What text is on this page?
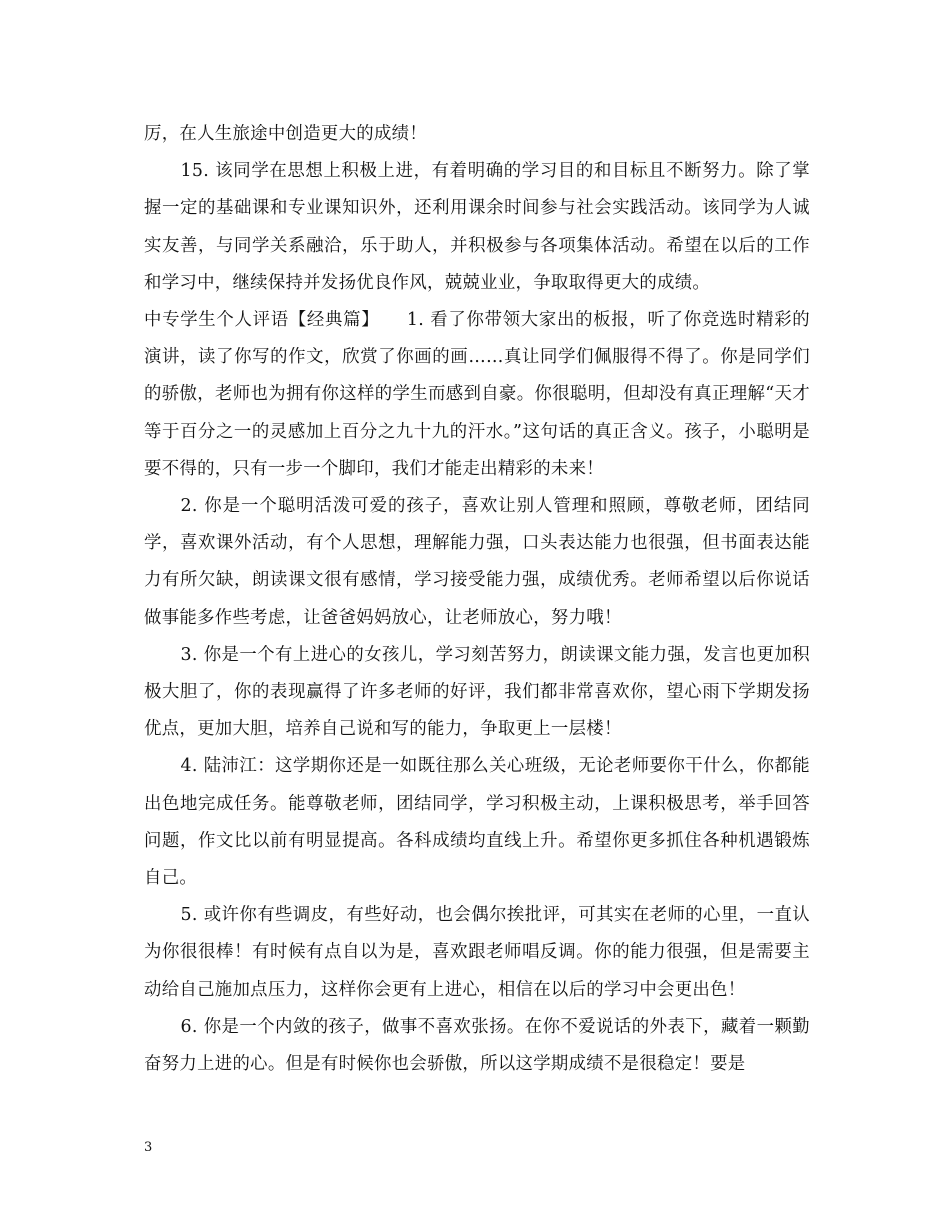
厉，在人生旅途中创造更大的成绩！

15. 该同学在思想上积极上进，有着明确的学习目的和目标且不断努力。除了掌握一定的基础课和专业课知识外，还利用课余时间参与社会实践活动。该同学为人诚实友善，与同学关系融洽，乐于助人，并积极参与各项集体活动。希望在以后的工作和学习中，继续保持并发扬优良作风，兢兢业业，争取取得更大的成绩。

中专学生个人评语【经典篇】　　1. 看了你带领大家出的板报，听了你竞选时精彩的演讲，读了你写的作文，欣赏了你画的画……真让同学们佩服得不得了。你是同学们的骄傲，老师也为拥有你这样的学生而感到自豪。你很聪明，但却没有真正理解“天才等于百分之一的灵感加上百分之九十九的汗水。”这句话的真正含义。孩子，小聪明是要不得的，只有一步一个脚印，我们才能走出精彩的未来！

2. 你是一个聪明活泼可爱的孩子，喜欢让别人管理和照顾，尊敬老师，团结同学，喜欢课外活动，有个人思想，理解能力强，口头表达能力也很强，但书面表达能力有所欠缺，朗读课文很有感情，学习接受能力强，成绩优秀。老师希望以后你说话做事能多作些考虑，让爸爸妈妈放心，让老师放心，努力哦！

3. 你是一个有上进心的女孩儿，学习刻苦努力，朗读课文能力强，发言也更加积极大胆了，你的表现赢得了许多老师的好评，我们都非常喜欢你，望心雨下学期发扬优点，更加大胆，培养自己说和写的能力，争取更上一层楼！

4. 陆沛江：这学期你还是一如既往那么关心班级，无论老师要你干什么，你都能出色地完成任务。能尊敬老师，团结同学，学习积极主动，上课积极思考，举手回答问题，作文比以前有明显提高。各科成绩均直线上升。希望你更多抓住各种机遇锻炼自己。

5. 或许你有些调皮，有些好动，也会偶尔挨批评，可其实在老师的心里，一直认为你很很棒！有时候有点自以为是，喜欢跟老师唱反调。你的能力很强，但是需要主动给自己施加点压力，这样你会更有上进心，相信在以后的学习中会更出色！

6. 你是一个内敛的孩子，做事不喜欢张扬。在你不爱说话的外表下，藏着一颗勤奋努力上进的心。但是有时候你也会骄傲，所以这学期成绩不是很稳定！要是

3
